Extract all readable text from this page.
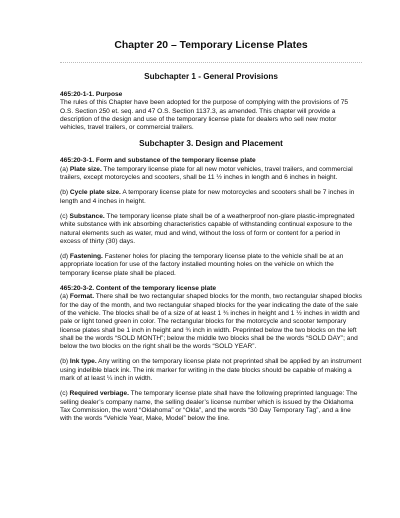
Chapter 20 – Temporary License Plates
Subchapter 1 - General Provisions
465:20-1-1. Purpose

The rules of this Chapter have been adopted for the purpose of complying with the provisions of 75 O.S. Section 250 et. seq. and 47 O.S. Section 1137.3, as amended. This chapter will provide a description of the design and use of the temporary license plate for dealers who sell new motor vehicles, travel trailers, or commercial trailers.

Subchapter 3. Design and Placement
465:20-3-1. Form and substance of the temporary license plate

(a) Plate size. The temporary license plate for all new motor vehicles, travel trailers, and commercial trailers, except motorcycles and scooters, shall be 11 ½ inches in length and 6 inches in height.

(b) Cycle plate size. A temporary license plate for new motorcycles and scooters shall be 7 inches in length and 4 inches in height.

(c) Substance. The temporary license plate shall be of a weatherproof non-glare plastic-impregnated white substance with ink absorbing characteristics capable of withstanding continual exposure to the natural elements such as water, mud and wind, without the loss of form or content for a period in excess of thirty (30) days.

(d) Fastening. Fastener holes for placing the temporary license plate to the vehicle shall be at an appropriate location for use of the factory installed mounting holes on the vehicle on which the temporary license plate shall be placed.

465:20-3-2. Content of the temporary license plate

(a) Format. There shall be two rectangular shaped blocks for the month, two rectangular shaped blocks for the day of the month, and two rectangular shaped blocks for the year indicating the date of the sale of the vehicle. The blocks shall be of a size of at least 1 ¾ inches in height and 1 ½ inches in width and pale or light toned green in color. The rectangular blocks for the motorcycle and scooter temporary license plates shall be 1 inch in height and ¾ inch in width. Preprinted below the two blocks on the left shall be the words “SOLD MONTH”; below the middle two blocks shall be the words “SOLD DAY”; and below the two blocks on the right shall be the words “SOLD YEAR”.

(b) Ink type. Any writing on the temporary license plate not preprinted shall be applied by an instrument using indelible black ink. The ink marker for writing in the date blocks should be capable of making a mark of at least ¼ inch in width.

(c) Required verbiage. The temporary license plate shall have the following preprinted language: The selling dealer’s company name, the selling dealer’s license number which is issued by the Oklahoma Tax Commission, the word “Oklahoma” or “Okla”, and the words “30 Day Temporary Tag”, and a line with the words “Vehicle Year, Make, Model” below the line.
